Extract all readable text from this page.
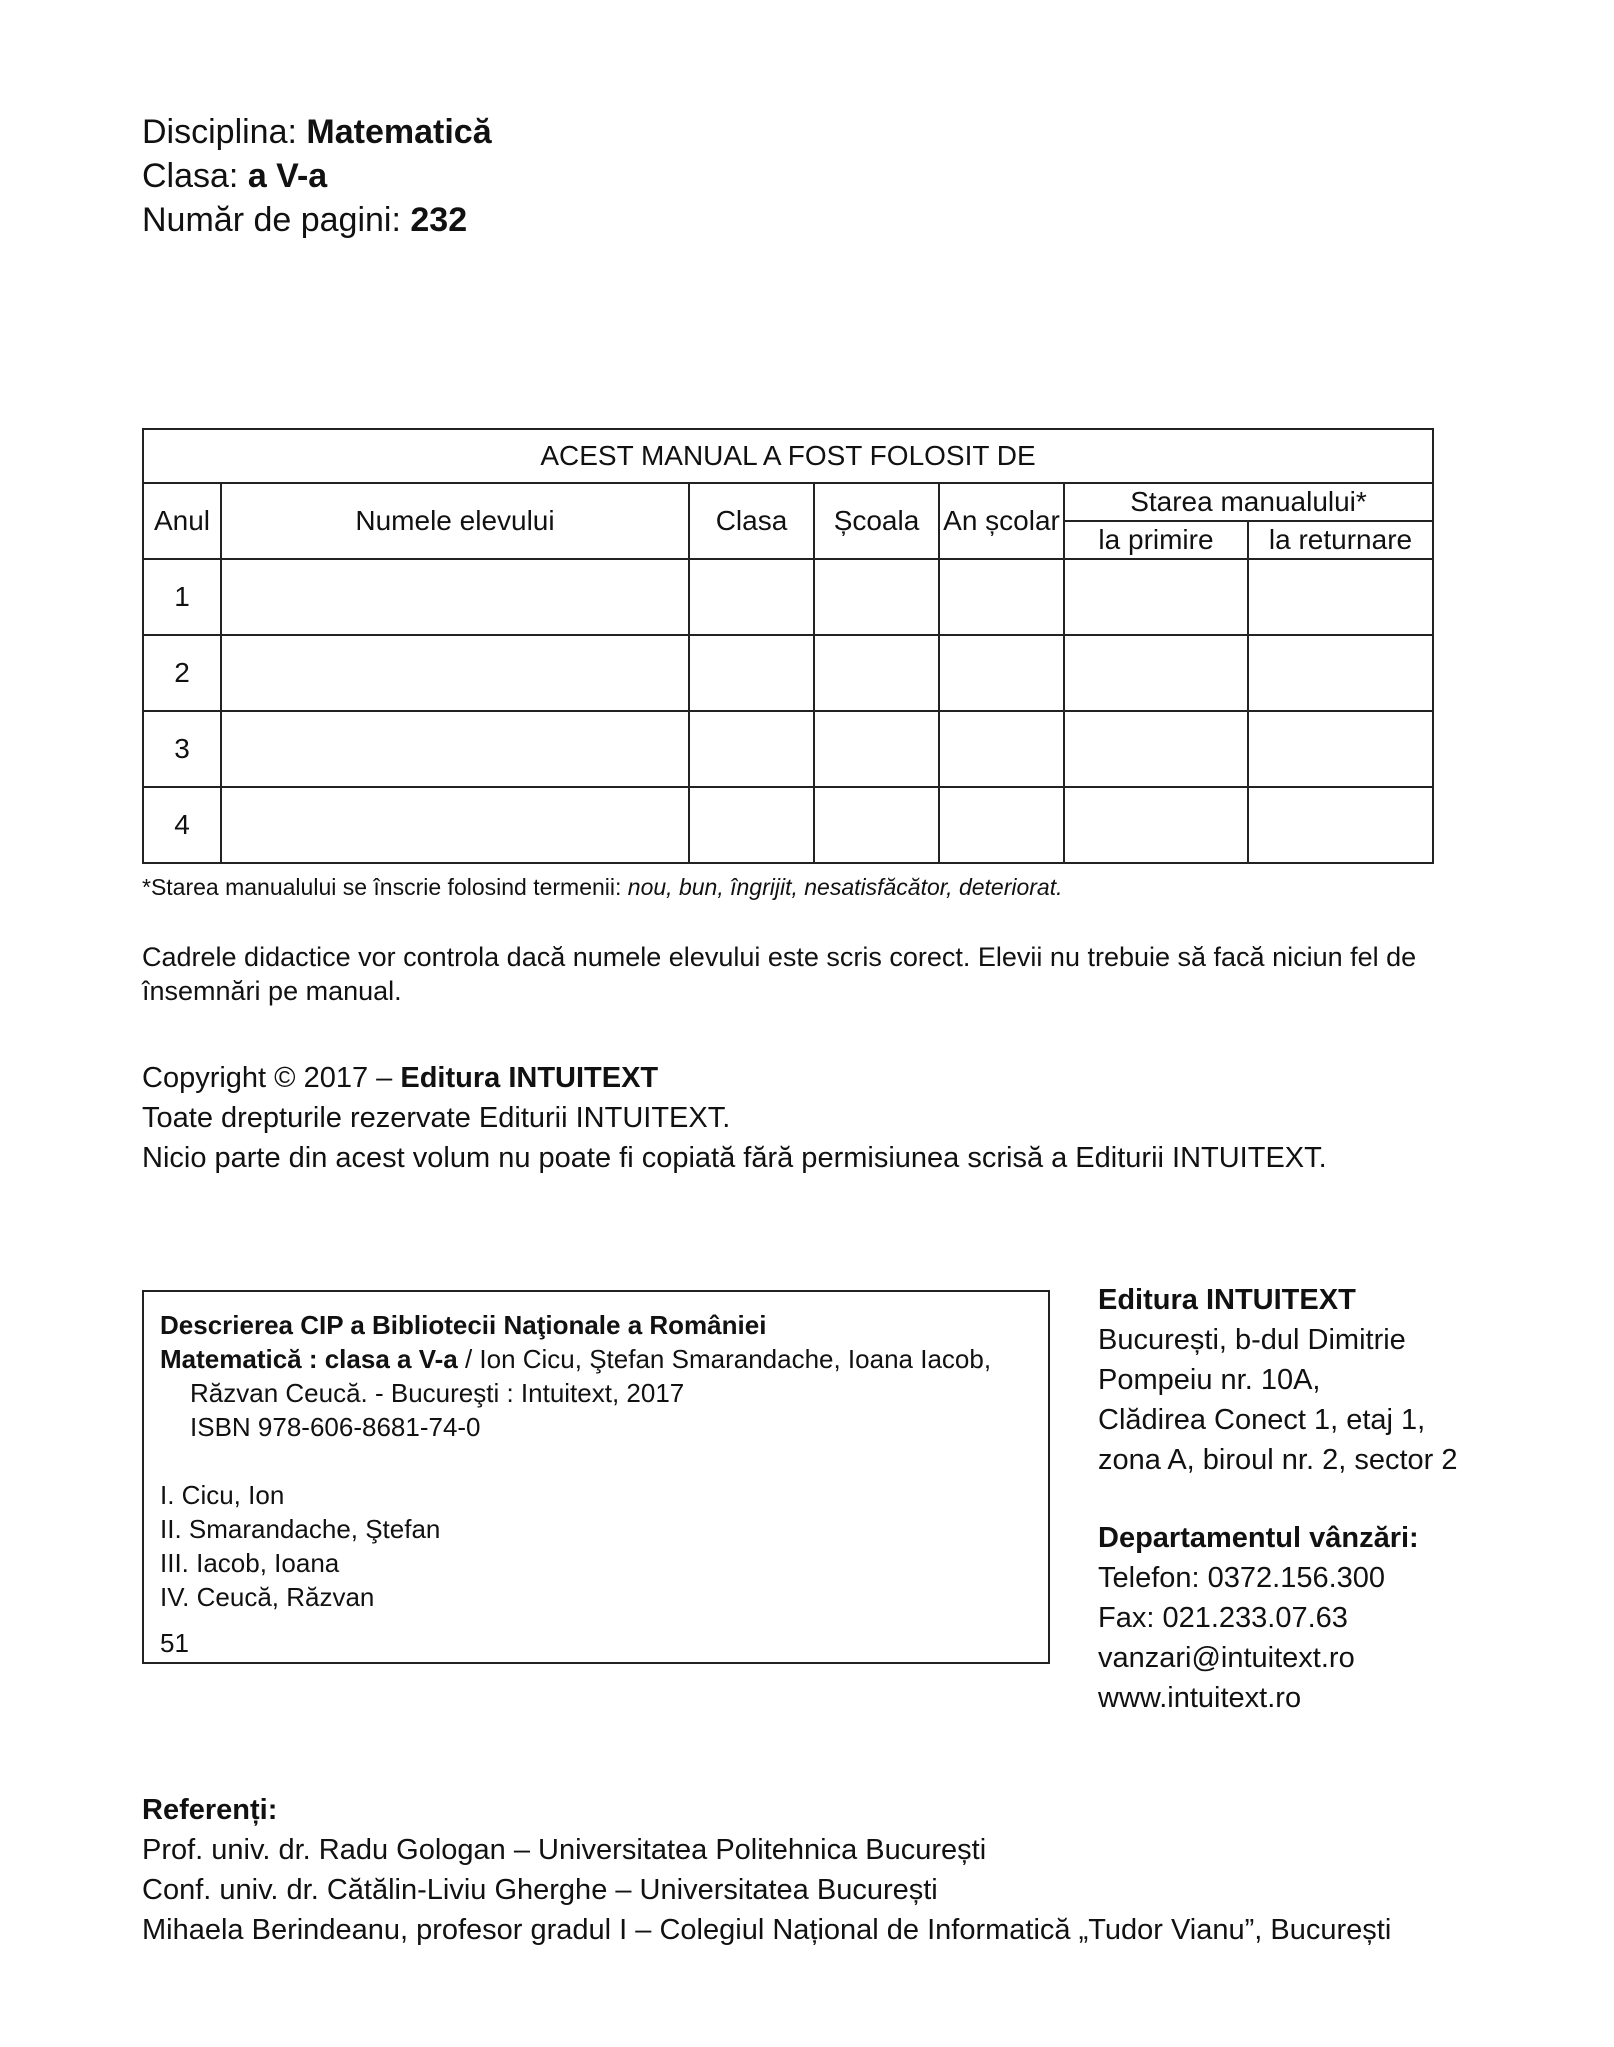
Disciplina: Matematică
Clasa: a V-a
Număr de pagini: 232
ACEST MANUAL A FOST FOLOSIT DE						
Anul	Numele elevului	Clasa	Școala	An școlar	Starea manualului*	
					la primire	la returnare
1						
2						
3						
4						
*Starea manualului se înscrie folosind termenii: nou, bun, îngrijit, nesatisfăcător, deteriorat.
Cadrele didactice vor controla dacă numele elevului este scris corect. Elevii nu trebuie să facă niciun fel de însemnări pe manual.
Copyright © 2017 – Editura INTUITEXT
Toate drepturile rezervate Editurii INTUITEXT.
Nicio parte din acest volum nu poate fi copiată fără permisiunea scrisă a Editurii INTUITEXT.
Descrierea CIP a Bibliotecii Naţionale a României
Matematică : clasa a V-a / Ion Cicu, Ştefan Smarandache, Ioana Iacob,
Răzvan Ceucă. - Bucureşti : Intuitext, 2017
ISBN 978-606-8681-74-0
I. Cicu, Ion
II. Smarandache, Ştefan
III. Iacob, Ioana
IV. Ceucă, Răzvan
51
Editura INTUITEXT
București, b-dul Dimitrie
Pompeiu nr. 10A,
Clădirea Conect 1, etaj 1,
zona A, biroul nr. 2, sector 2
Departamentul vânzări:
Telefon: 0372.156.300
Fax: 021.233.07.63
vanzari@intuitext.ro
www.intuitext.ro
Referenți:
Prof. univ. dr. Radu Gologan – Universitatea Politehnica București
Conf. univ. dr. Cătălin-Liviu Gherghe – Universitatea București
Mihaela Berindeanu, profesor gradul I – Colegiul Național de Informatică „Tudor Vianu”, București
